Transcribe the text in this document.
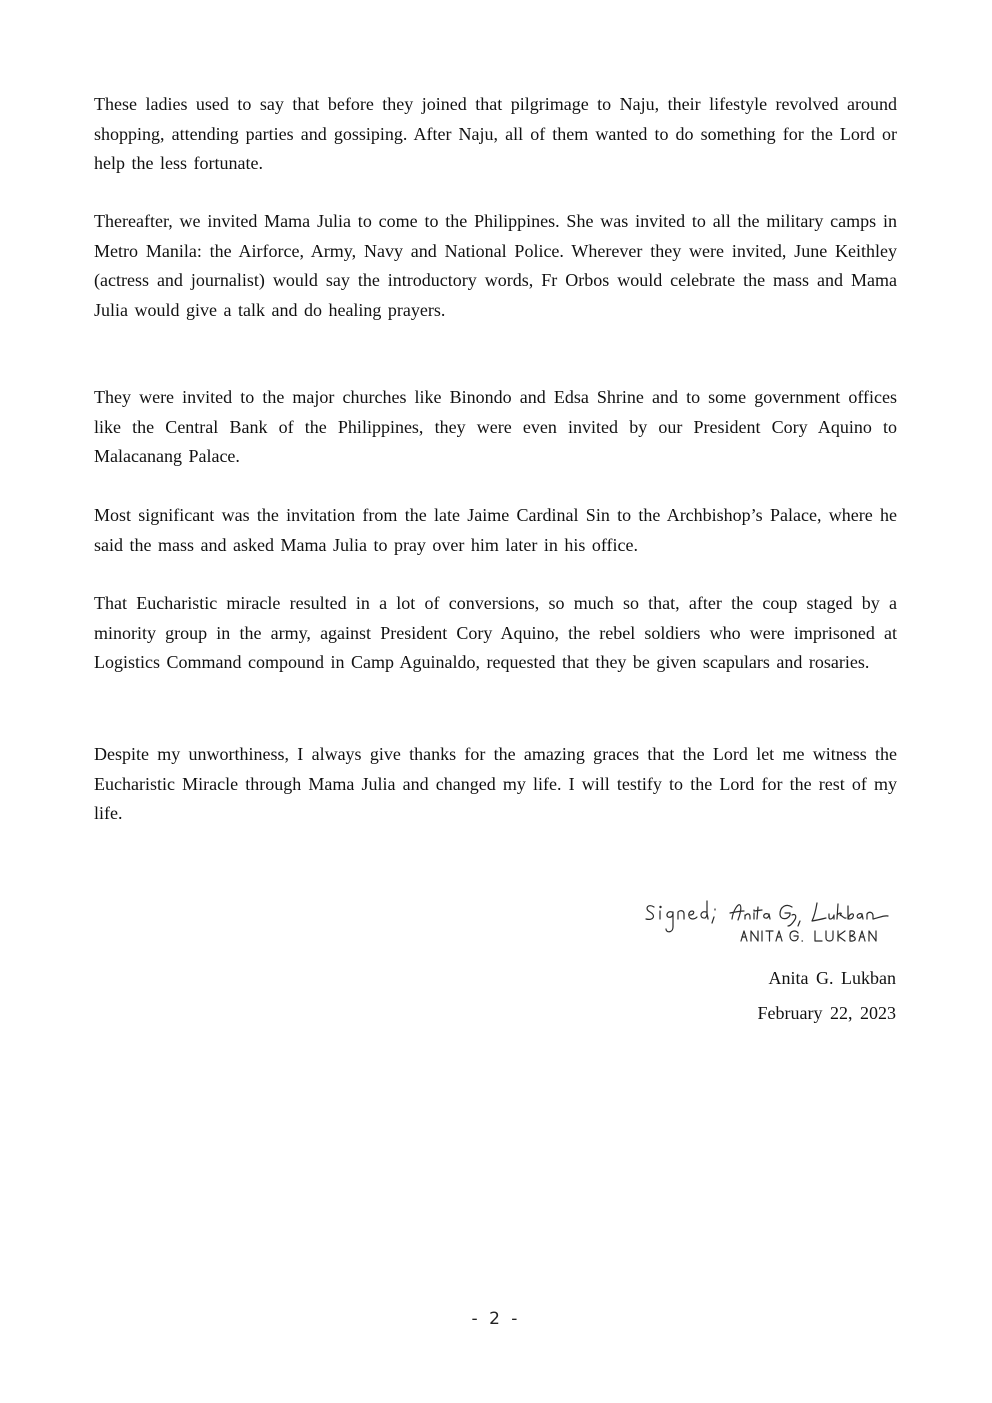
These ladies used to say that before they joined that pilgrimage to Naju, their lifestyle revolved around shopping, attending parties and gossiping. After Naju, all of them wanted to do something for the Lord or help the less fortunate.

Thereafter, we invited Mama Julia to come to the Philippines. She was invited to all the military camps in Metro Manila: the Airforce, Army, Navy and National Police. Wherever they were invited, June Keithley (actress and journalist) would say the introductory words, Fr Orbos would celebrate the mass and Mama Julia would give a talk and do healing prayers.

They were invited to the major churches like Binondo and Edsa Shrine and to some government offices like the Central Bank of the Philippines, they were even invited by our President Cory Aquino to Malacanang Palace.

Most significant was the invitation from the late Jaime Cardinal Sin to the Archbishop’s Palace, where he said the mass and asked Mama Julia to pray over him later in his office.

That Eucharistic miracle resulted in a lot of conversions, so much so that, after the coup staged by a minority group in the army, against President Cory Aquino, the rebel soldiers who were imprisoned at Logistics Command compound in Camp Aguinaldo, requested that they be given scapulars and rosaries.

Despite my unworthiness, I always give thanks for the amazing graces that the Lord let me witness the Eucharistic Miracle through Mama Julia and changed my life. I will testify to the Lord for the rest of my life.

Anita G. Lukban
February 22, 2023
- 2 -
